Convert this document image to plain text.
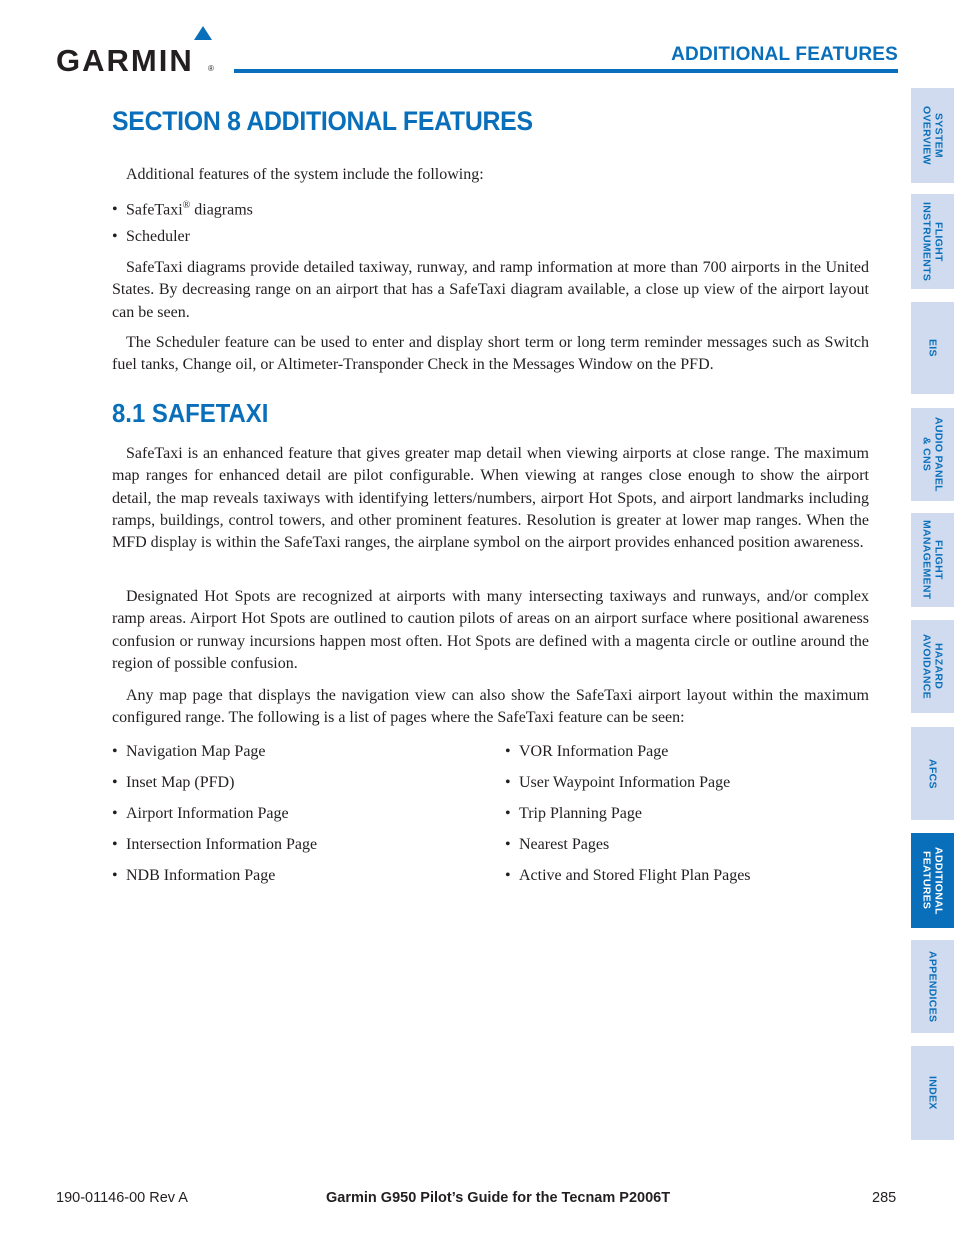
GARMIN ®
ADDITIONAL FEATURES
SECTION 8 ADDITIONAL FEATURES

Additional features of the system include the following:

• SafeTaxi® diagrams

• Scheduler

SafeTaxi diagrams provide detailed taxiway, runway, and ramp information at more than 700 airports in the United States. By decreasing range on an airport that has a SafeTaxi diagram available, a close up view of the airport layout can be seen.

The Scheduler feature can be used to enter and display short term or long term reminder messages such as Switch fuel tanks, Change oil, or Altimeter-Transponder Check in the Messages Window on the PFD.

8.1 SAFETAXI

SafeTaxi is an enhanced feature that gives greater map detail when viewing airports at close range. The maximum map ranges for enhanced detail are pilot configurable. When viewing at ranges close enough to show the airport detail, the map reveals taxiways with identifying letters/numbers, airport Hot Spots, and airport landmarks including ramps, buildings, control towers, and other prominent features. Resolution is greater at lower map ranges. When the MFD display is within the SafeTaxi ranges, the airplane symbol on the airport provides enhanced position awareness.

Designated Hot Spots are recognized at airports with many intersecting taxiways and runways, and/or complex ramp areas. Airport Hot Spots are outlined to caution pilots of areas on an airport surface where positional awareness confusion or runway incursions happen most often. Hot Spots are defined with a magenta circle or outline around the region of possible confusion.

Any map page that displays the navigation view can also show the SafeTaxi airport layout within the maximum configured range. The following is a list of pages where the SafeTaxi feature can be seen:

• Navigation Map Page

• Inset Map (PFD)

• Airport Information Page

• Intersection Information Page

• NDB Information Page

• VOR Information Page

• User Waypoint Information Page

• Trip Planning Page

• Nearest Pages

• Active and Stored Flight Plan Pages

SYSTEM
OVERVIEW
FLIGHT
INSTRUMENTS
EIS
AUDIO PANEL
& CNS
FLIGHT
MANAGEMENT
HAZARD
AVOIDANCE
AFCS
ADDITIONAL
FEATURES
APPENDICES
INDEX
190-01146-00 Rev A	Garmin G950 Pilot’s Guide for the Tecnam P2006T	285
